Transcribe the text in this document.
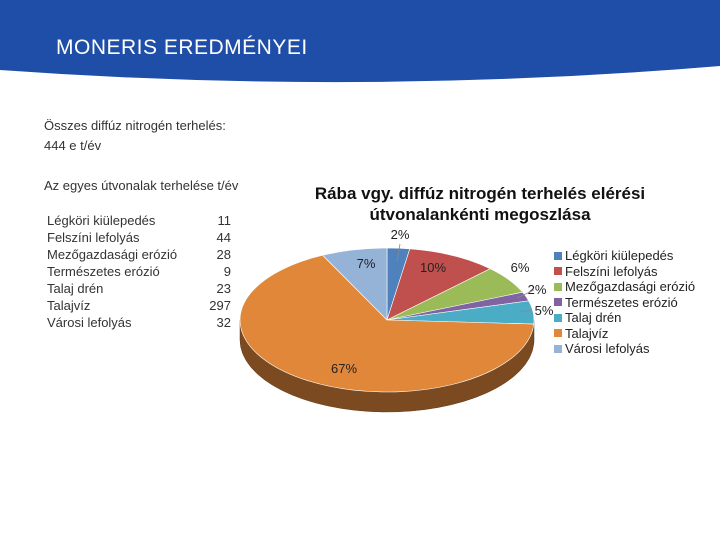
MONERIS EREDMÉNYEI
Összes diffúz nitrogén terhelés:
444 e t/év
Az egyes útvonalak terhelése t/év
Légköri kiülepedés	11
Felszíni lefolyás	44
Mezőgazdasági erózió	28
Természetes erózió	9
Talaj drén	23
Talajvíz	297
Városi lefolyás	32
Rába vgy. diffúz nitrogén terhelés elérési útvonalankénti megoszlása
2%
10%	6%
2%
5%
67%
7%
Légköri kiülepedés
Felszíni lefolyás
Mezőgazdasági erózió
Természetes erózió
Talaj drén
Talajvíz
Városi lefolyás
